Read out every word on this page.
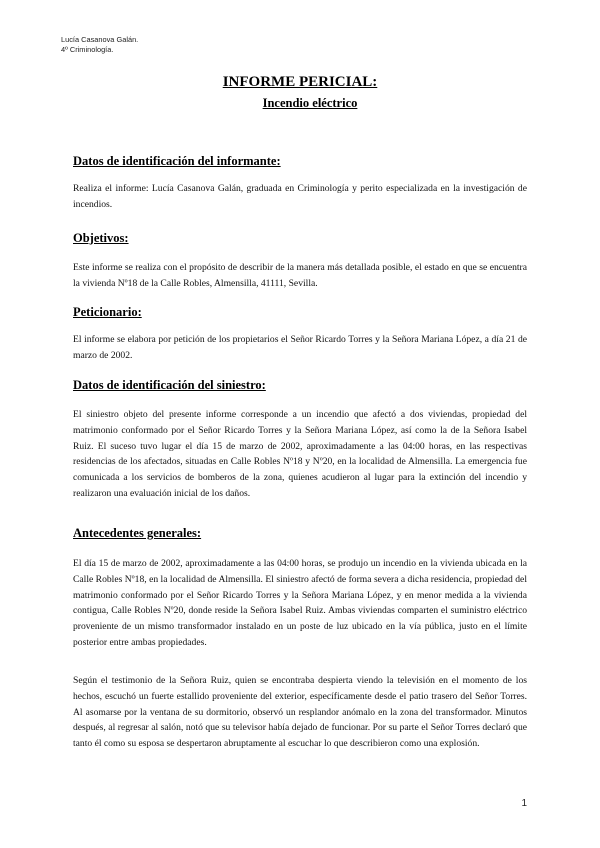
Lucía Casanova Galán.
4º Criminología.
INFORME PERICIAL:
Incendio eléctrico
Datos de identificación del informante:
Realiza el informe: Lucía Casanova Galán, graduada en Criminología y perito especializada en la investigación de incendios.
Objetivos:
Este informe se realiza con el propósito de describir de la manera más detallada posible, el estado en que se encuentra la vivienda Nº18 de la Calle Robles, Almensilla, 41111, Sevilla.
Peticionario:
El informe se elabora por petición de los propietarios el Señor Ricardo Torres y la Señora Mariana López, a día 21 de marzo de 2002.
Datos de identificación del siniestro:
El siniestro objeto del presente informe corresponde a un incendio que afectó a dos viviendas, propiedad del matrimonio conformado por el Señor Ricardo Torres y la Señora Mariana López, así como la de la Señora Isabel Ruiz. El suceso tuvo lugar el día 15 de marzo de 2002, aproximadamente a las 04:00 horas, en las respectivas residencias de los afectados, situadas en Calle Robles Nº18 y Nº20, en la localidad de Almensilla. La emergencia fue comunicada a los servicios de bomberos de la zona, quienes acudieron al lugar para la extinción del incendio y realizaron una evaluación inicial de los daños.
Antecedentes generales:
El día 15 de marzo de 2002, aproximadamente a las 04:00 horas, se produjo un incendio en la vivienda ubicada en la Calle Robles Nº18, en la localidad de Almensilla. El siniestro afectó de forma severa a dicha residencia, propiedad del matrimonio conformado por el Señor Ricardo Torres y la Señora Mariana López, y en menor medida a la vivienda contigua, Calle Robles Nº20, donde reside la Señora Isabel Ruiz. Ambas viviendas comparten el suministro eléctrico proveniente de un mismo transformador instalado en un poste de luz ubicado en la vía pública, justo en el límite posterior entre ambas propiedades.
Según el testimonio de la Señora Ruiz, quien se encontraba despierta viendo la televisión en el momento de los hechos, escuchó un fuerte estallido proveniente del exterior, específicamente desde el patio trasero del Señor Torres. Al asomarse por la ventana de su dormitorio, observó un resplandor anómalo en la zona del transformador. Minutos después, al regresar al salón, notó que su televisor había dejado de funcionar. Por su parte el Señor Torres declaró que tanto él como su esposa se despertaron abruptamente al escuchar lo que describieron como una explosión.
1
